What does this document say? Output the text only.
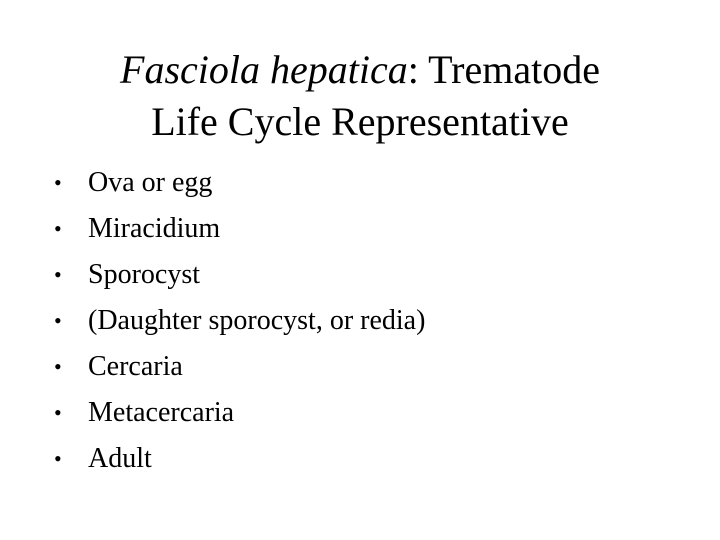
Fasciola hepatica: Trematode
Life Cycle Representative
• Ova or egg
• Miracidium
• Sporocyst
• (Daughter sporocyst, or redia)
• Cercaria
• Metacercaria
• Adult
